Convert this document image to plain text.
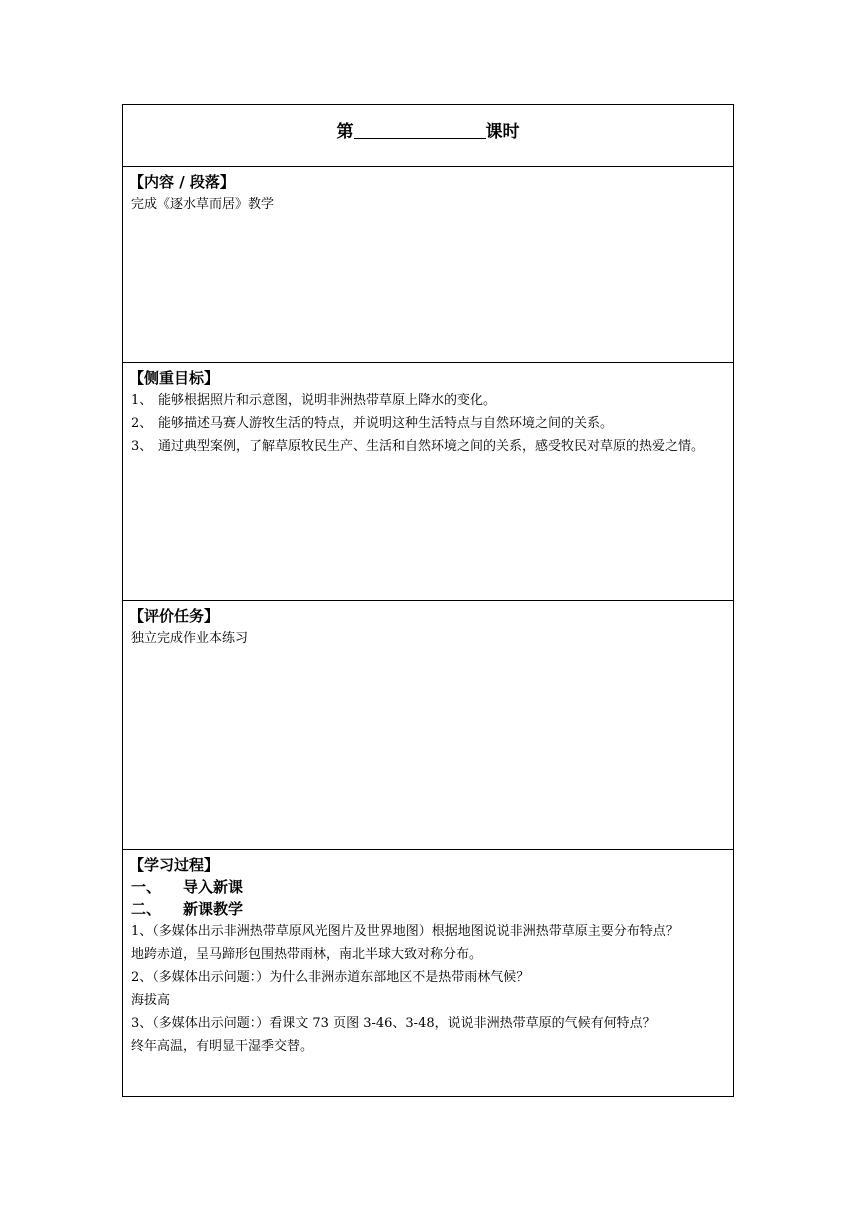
第	课时
【内容 / 段落】
完成《逐水草而居》教学
【侧重目标】
1、 能够根据照片和示意图，说明非洲热带草原上降水的变化。
2、 能够描述马赛人游牧生活的特点，并说明这种生活特点与自然环境之间的关系。
3、 通过典型案例，了解草原牧民生产、生活和自然环境之间的关系，感受牧民对草原的热爱之情。
【评价任务】
独立完成作业本练习
【学习过程】
一、	导入新课
二、	新课教学
1、（多媒体出示非洲热带草原风光图片及世界地图）根据地图说说非洲热带草原主要分布特点？
地跨赤道，呈马蹄形包围热带雨林，南北半球大致对称分布。
2、（多媒体出示问题：）为什么非洲赤道东部地区不是热带雨林气候？
海拔高
3、（多媒体出示问题：）看课文 73 页图 3-46、3-48，说说非洲热带草原的气候有何特点？
终年高温，有明显干湿季交替。
